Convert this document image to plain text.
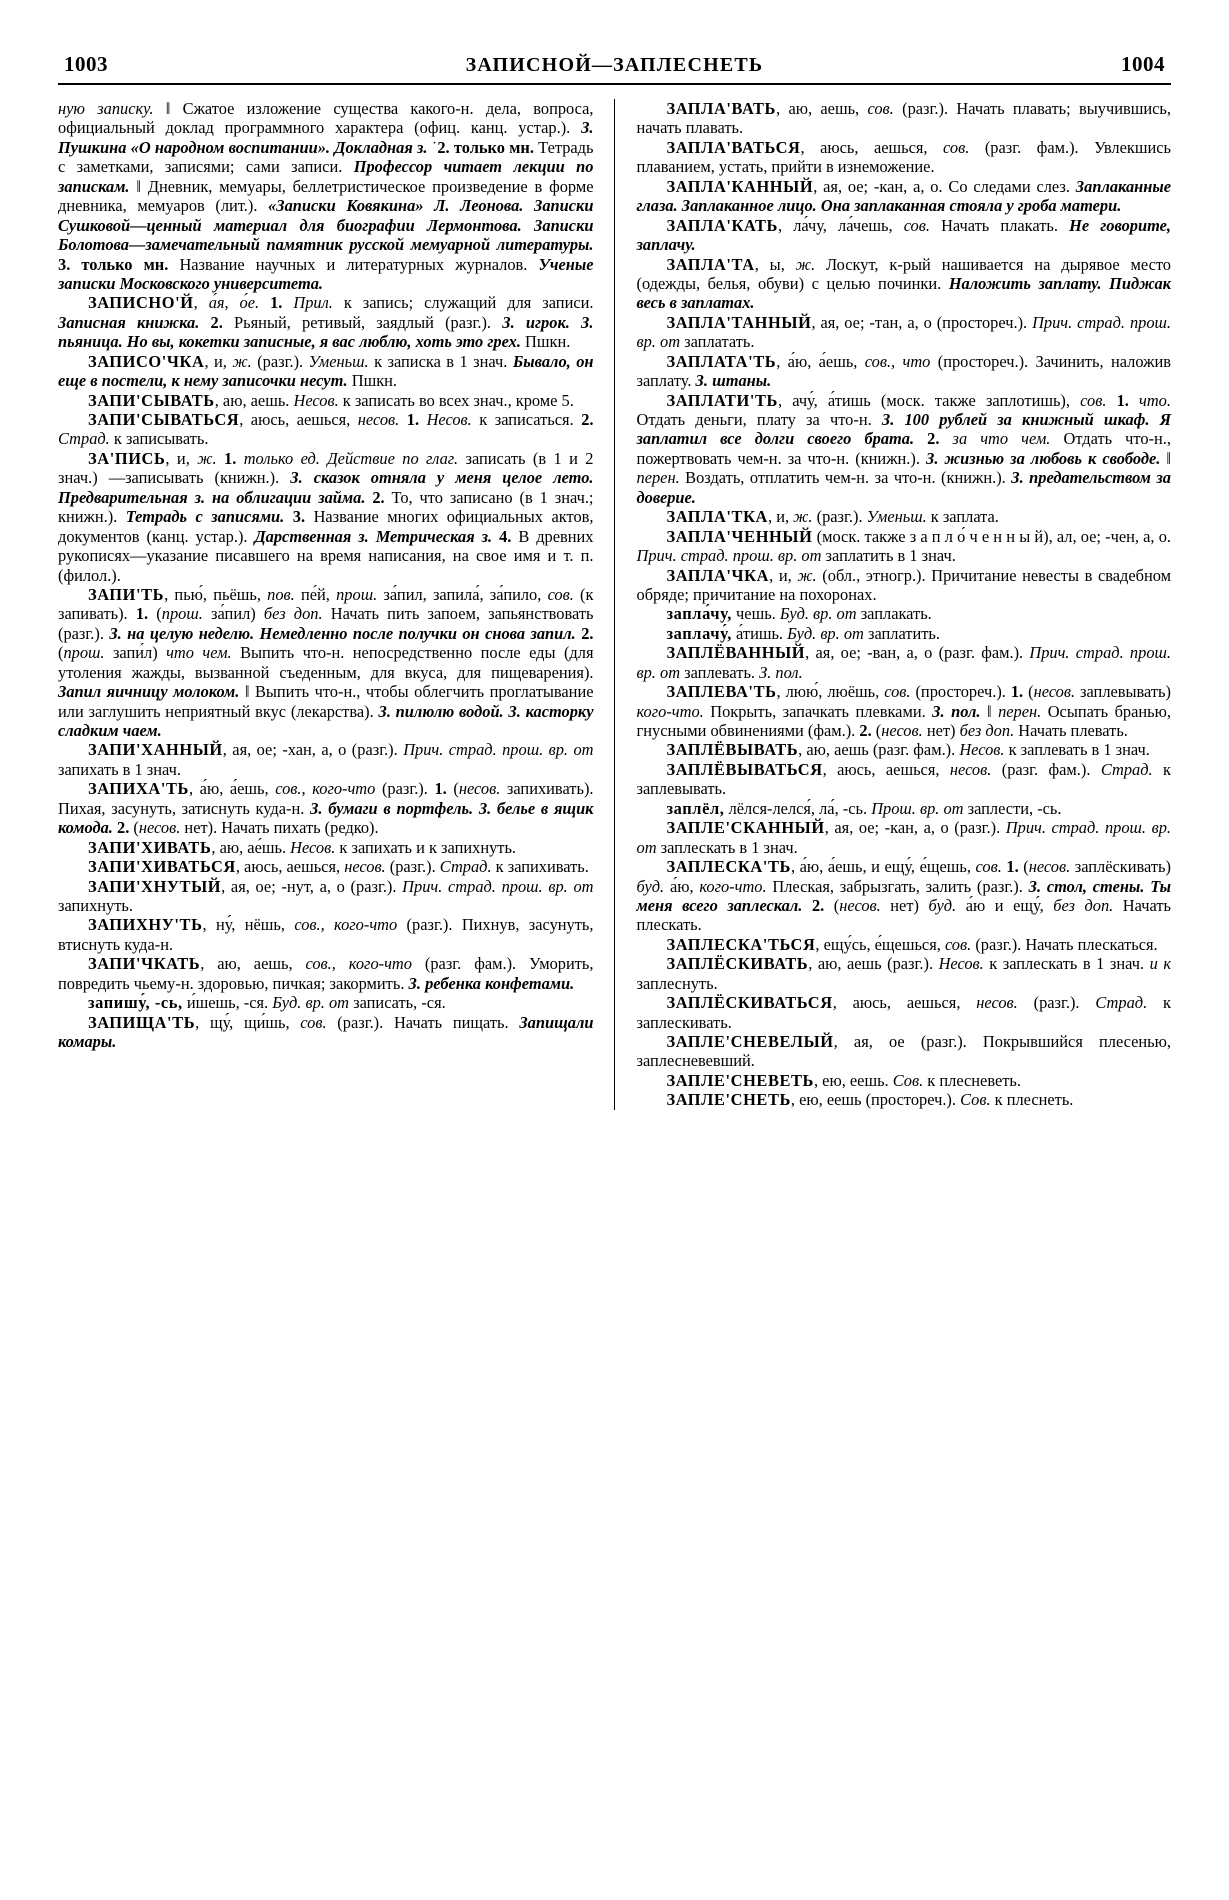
1003	ЗАПИСНОЙ—ЗАПЛЕСНЕТЬ	1004

ную записку. ‖ Сжатое изложение существа какого-н. дела, вопроса, официальный доклад программного характера (офиц. канц. устар.). З. Пушкина «О народном воспитании». Докладная з. ˙2. только мн. Тетрадь с заметками, записями; сами записи. Профессор читает лекции по запискам. ‖ Дневник, мемуары, беллетристическое произведение в форме дневника, мемуаров (лит.). «Записки Ковякина» Л. Леонова. Записки Сушковой—ценный материал для биографии Лермонтова. Записки Болотова—замечательный памятник русской мемуарной литературы. 3. только мн. Название научных и литературных журналов. Ученые записки Московского университета.

ЗАПИСНО'Й, а́я, о́е. 1. Прил. к запись; служащий для записи. Записная книжка. 2. Рьяный, ретивый, заядлый (разг.). З. игрок. З. пьяница. Но вы, кокетки записные, я вас люблю, хоть это грех. Пшкн.

ЗАПИСО'ЧКА, и, ж. (разг.). Уменьш. к записка в 1 знач. Бывало, он еще в постели, к нему записочки несут. Пшкн.

ЗАПИ'СЫВАТЬ, аю, аешь. Несов. к записать во всех знач., кроме 5.

ЗАПИ'СЫВАТЬСЯ, аюсь, аешься, несов. 1. Несов. к записаться. 2. Страд. к записывать.

ЗА'ПИСЬ, и, ж. 1. только ед. Действие по глаг. записать (в 1 и 2 знач.) —записывать (книжн.). З. сказок отняла у меня целое лето. Предварительная з. на облигации займа. 2. То, что записано (в 1 знач.; книжн.). Тетрадь с записями. 3. Название многих официальных актов, документов (канц. устар.). Дарственная з. Метрическая з. 4. В древних рукописях—указание писавшего на время написания, на свое имя и т. п. (филол.).

ЗАПИ'ТЬ, пью́, пьёшь, пов. пе́й, прош. за́пил, запила́, за́пило, сов. (к запивать). 1. (прош. за́пил) без доп. Начать пить запоем, запьянствовать (разг.). З. на целую неделю. Немедленно после получки он снова запил. 2. (прош. запи́л) что чем. Выпить что-н. непосредственно после еды (для утоления жажды, вызванной съеденным, для вкуса, для пищеварения). Запил яичницу молоком. ‖ Выпить что-н., чтобы облегчить проглатывание или заглушить неприятный вкус (лекарства). З. пилюлю водой. З. касторку сладким чаем.

ЗАПИ'ХАННЫЙ, ая, ое; -хан, а, о (разг.). Прич. страд. прош. вр. от запихать в 1 знач.

ЗАПИХА'ТЬ, а́ю, а́ешь, сов., кого-что (разг.). 1. (несов. запихивать). Пихая, засунуть, затиснуть куда-н. З. бумаги в портфель. З. белье в ящик комода. 2. (несов. нет). Начать пихать (редко).

ЗАПИ'ХИВАТЬ, аю, ае́шь. Несов. к запихать и к запихнуть.

ЗАПИ'ХИВАТЬСЯ, аюсь, аешься, несов. (разг.). Страд. к запихивать.

ЗАПИ'ХНУТЫЙ, ая, ое; -нут, а, о (разг.). Прич. страд. прош. вр. от запихнуть.

ЗАПИХНУ'ТЬ, ну́, нёшь, сов., кого-что (разг.). Пихнув, засунуть, втиснуть куда-н.

ЗАПИ'ЧКАТЬ, аю, аешь, сов., кого-что (разг. фам.). Уморить, повредить чьему-н. здоровью, пичкая; закормить. З. ребенка конфетами.

запишу́, -сь, и́шешь, -ся. Буд. вр. от записать, -ся.

ЗАПИЩА'ТЬ, щу́, щи́шь, сов. (разг.). Начать пищать. Запищали комары.

ЗАПЛА'ВАТЬ, аю, аешь, сов. (разг.). Начать плавать; выучившись, начать плавать.

ЗАПЛА'ВАТЬСЯ, аюсь, аешься, сов. (разг. фам.). Увлекшись плаванием, устать, прийти в изнеможение.

ЗАПЛА'КАННЫЙ, ая, ое; -кан, а, о. Со следами слез. Заплаканные глаза. Заплаканное лицо. Она заплаканная стояла у гроба матери.

ЗАПЛА'КАТЬ, ла́чу, ла́чешь, сов. Начать плакать. Не говорите, заплачу.

ЗАПЛА'ТА, ы, ж. Лоскут, к-рый нашивается на дырявое место (одежды, белья, обуви) с целью починки. Наложить заплату. Пиджак весь в заплатах.

ЗАПЛА'ТАННЫЙ, ая, ое; -тан, а, о (простореч.). Прич. страд. прош. вр. от заплатать.

ЗАПЛАТА'ТЬ, а́ю, а́ешь, сов., что (простореч.). Зачинить, наложив заплату. З. штаны.

ЗАПЛАТИ'ТЬ, ачу́, а́тишь (моск. также заплотишь), сов. 1. что. Отдать деньги, плату за что-н. З. 100 рублей за книжный шкаф. Я заплатил все долги своего брата. 2. за что чем. Отдать что-н., пожертвовать чем-н. за что-н. (книжн.). З. жизнью за любовь к свободе. ‖ перен. Воздать, отплатить чем-н. за что-н. (книжн.). З. предательством за доверие.

ЗАПЛА'ТКА, и, ж. (разг.). Уменьш. к заплата.

ЗАПЛА'ЧЕННЫЙ (моск. также з а п л о́ ч е н н ы й), ал, ое; -чен, а, о. Прич. страд. прош. вр. от заплатить в 1 знач.

ЗАПЛА'ЧКА, и, ж. (обл., этногр.). Причитание невесты в свадебном обряде; причитание на похоронах.

запла́чу, чешь. Буд. вр. от заплакать.

заплачу́, а́тишь. Буд. вр. от заплатить.

ЗАПЛЁВАННЫЙ, ая, ое; -ван, а, о (разг. фам.). Прич. страд. прош. вр. от заплевать. З. пол.

ЗАПЛЕВА'ТЬ, люю́, люёшь, сов. (простореч.). 1. (несов. заплевывать) кого-что. Покрыть, запачкать плевками. З. пол. ‖ перен. Осыпать бранью, гнусными обвинениями (фам.). 2. (несов. нет) без доп. Начать плевать.

ЗАПЛЁВЫВАТЬ, аю, аешь (разг. фам.). Несов. к заплевать в 1 знач.

ЗАПЛЁВЫВАТЬСЯ, аюсь, аешься, несов. (разг. фам.). Страд. к заплевывать.

заплёл, лёлся-лелся́, ла́, -сь. Прош. вр. от заплести, -сь.

ЗАПЛЕ'СКАННЫЙ, ая, ое; -кан, а, о (разг.). Прич. страд. прош. вр. от заплескать в 1 знач.

ЗАПЛЕСКА'ТЬ, а́ю, а́ешь, и ещу́, е́щешь, сов. 1. (несов. заплёскивать) буд. а́ю, кого-что. Плеская, забрызгать, залить (разг.). З. стол, стены. Ты меня всего заплескал. 2. (несов. нет) буд. а́ю и ещу́, без доп. Начать плескать.

ЗАПЛЕСКА'ТЬСЯ, ещу́сь, е́щешься, сов. (разг.). Начать плескаться.

ЗАПЛЁСКИВАТЬ, аю, аешь (разг.). Несов. к заплескать в 1 знач. и к заплеснуть.

ЗАПЛЁСКИВАТЬСЯ, аюсь, аешься, несов. (разг.). Страд. к заплескивать.

ЗАПЛЕ'СНЕВЕЛЫЙ, ая, ое (разг.). Покрывшийся плесенью, заплесневевший.

ЗАПЛЕ'СНЕВЕТЬ, ею, еешь. Сов. к плесневеть.

ЗАПЛЕ'СНЕТЬ, ею, еешь (простореч.). Сов. к плеснеть.
